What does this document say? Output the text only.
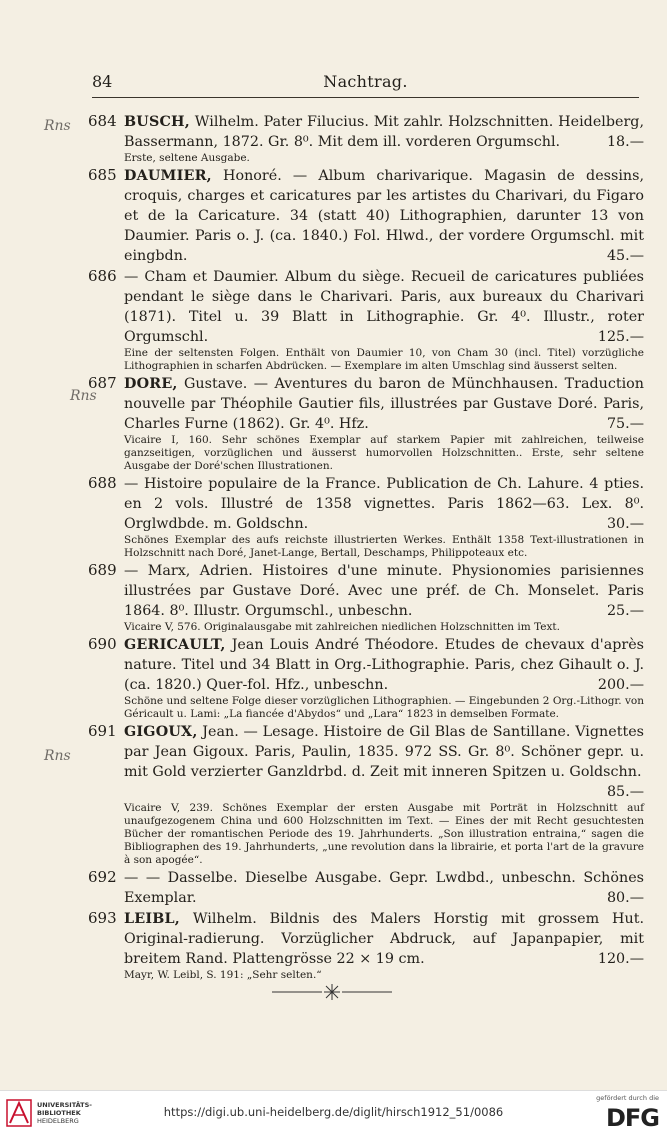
84	Nachtrag.
Rns
Rns
Rns
684 BUSCH, Wilhelm. Pater Filucius. Mit zahlr. Holzschnitten. Heidelberg, Bassermann, 1872. Gr. 8⁰. Mit dem ill. vorderen Orgumschl.	18.—
Erste, seltene Ausgabe.
685 DAUMIER, Honoré. — Album charivarique. Magasin de dessins, croquis, charges et caricatures par les artistes du Charivari, du Figaro et de la Caricature. 34 (statt 40) Lithographien, darunter 13 von Daumier. Paris o. J. (ca. 1840.) Fol. Hlwd., der vordere Orgumschl. mit eingbdn.	45.—
686 — Cham et Daumier. Album du siège. Recueil de caricatures publiées pendant le siège dans le Charivari. Paris, aux bureaux du Charivari (1871). Titel u. 39 Blatt in Lithographie. Gr. 4⁰. Illustr., roter Orgumschl.	125.—
Eine der seltensten Folgen. Enthält von Daumier 10, von Cham 30 (incl. Titel) vorzügliche Lithographien in scharfen Abdrücken. — Exemplare im alten Umschlag sind äusserst selten.
687 DORE, Gustave. — Aventures du baron de Münchhausen. Traduction nouvelle par Théophile Gautier fils, illustrées par Gustave Doré. Paris, Charles Furne (1862). Gr. 4⁰. Hfz.	75.—
Vicaire I, 160. Sehr schönes Exemplar auf starkem Papier mit zahlreichen, teilweise ganzseitigen, vorzüglichen und äusserst humorvollen Holzschnitten.. Erste, sehr seltene Ausgabe der Doré'schen Illustrationen.
688 — Histoire populaire de la France. Publication de Ch. Lahure. 4 pties. en 2 vols. Illustré de 1358 vignettes. Paris 1862—63. Lex. 8⁰. Orglwdbde. m. Goldschn.	30.—
Schönes Exemplar des aufs reichste illustrierten Werkes. Enthält 1358 Text-illustrationen in Holzschnitt nach Doré, Janet-Lange, Bertall, Deschamps, Philippoteaux etc.
689 — Marx, Adrien. Histoires d'une minute. Physionomies parisiennes illustrées par Gustave Doré. Avec une préf. de Ch. Monselet. Paris 1864. 8⁰. Illustr. Orgumschl., unbeschn.	25.—
Vicaire V, 576. Originalausgabe mit zahlreichen niedlichen Holzschnitten im Text.
690 GERICAULT, Jean Louis André Théodore. Etudes de chevaux d'après nature. Titel und 34 Blatt in Org.-Lithographie. Paris, chez Gihault o. J. (ca. 1820.) Quer-fol. Hfz., unbeschn.	200.—
Schöne und seltene Folge dieser vorzüglichen Lithographien. — Eingebunden 2 Org.-Lithogr. von Géricault u. Lami: „La fiancée d'Abydos“ und „Lara“ 1823 in demselben Formate.
691 GIGOUX, Jean. — Lesage. Histoire de Gil Blas de Santillane. Vignettes par Jean Gigoux. Paris, Paulin, 1835. 972 SS. Gr. 8⁰. Schöner gepr. u. mit Gold verzierter Ganzldrbd. d. Zeit mit inneren Spitzen u. Goldschn.
85.—
Vicaire V, 239. Schönes Exemplar der ersten Ausgabe mit Porträt in Holzschnitt auf unaufgezogenem China und 600 Holzschnitten im Text. — Eines der mit Recht gesuchtesten Bücher der romantischen Periode des 19. Jahrhunderts. „Son illustration entraina,“ sagen die Bibliographen des 19. Jahrhunderts, „une revolution dans la librairie, et porta l'art de la gravure à son apogée“.
692 — — Dasselbe. Dieselbe Ausgabe. Gepr. Lwdbd., unbeschn. Schönes Exemplar.	80.—
693 LEIBL, Wilhelm. Bildnis des Malers Horstig mit grossem Hut. Original-radierung. Vorzüglicher Abdruck, auf Japanpapier, mit breitem Rand. Plattengrösse 22 × 19 cm.	120.—
Mayr, W. Leibl, S. 191: „Sehr selten.“
UNIVERSITÄTS-
BIBLIOTHEK
HEIDELBERG
https://digi.ub.uni-heidelberg.de/diglit/hirsch1912_51/0086
gefördert durch die
DFG
